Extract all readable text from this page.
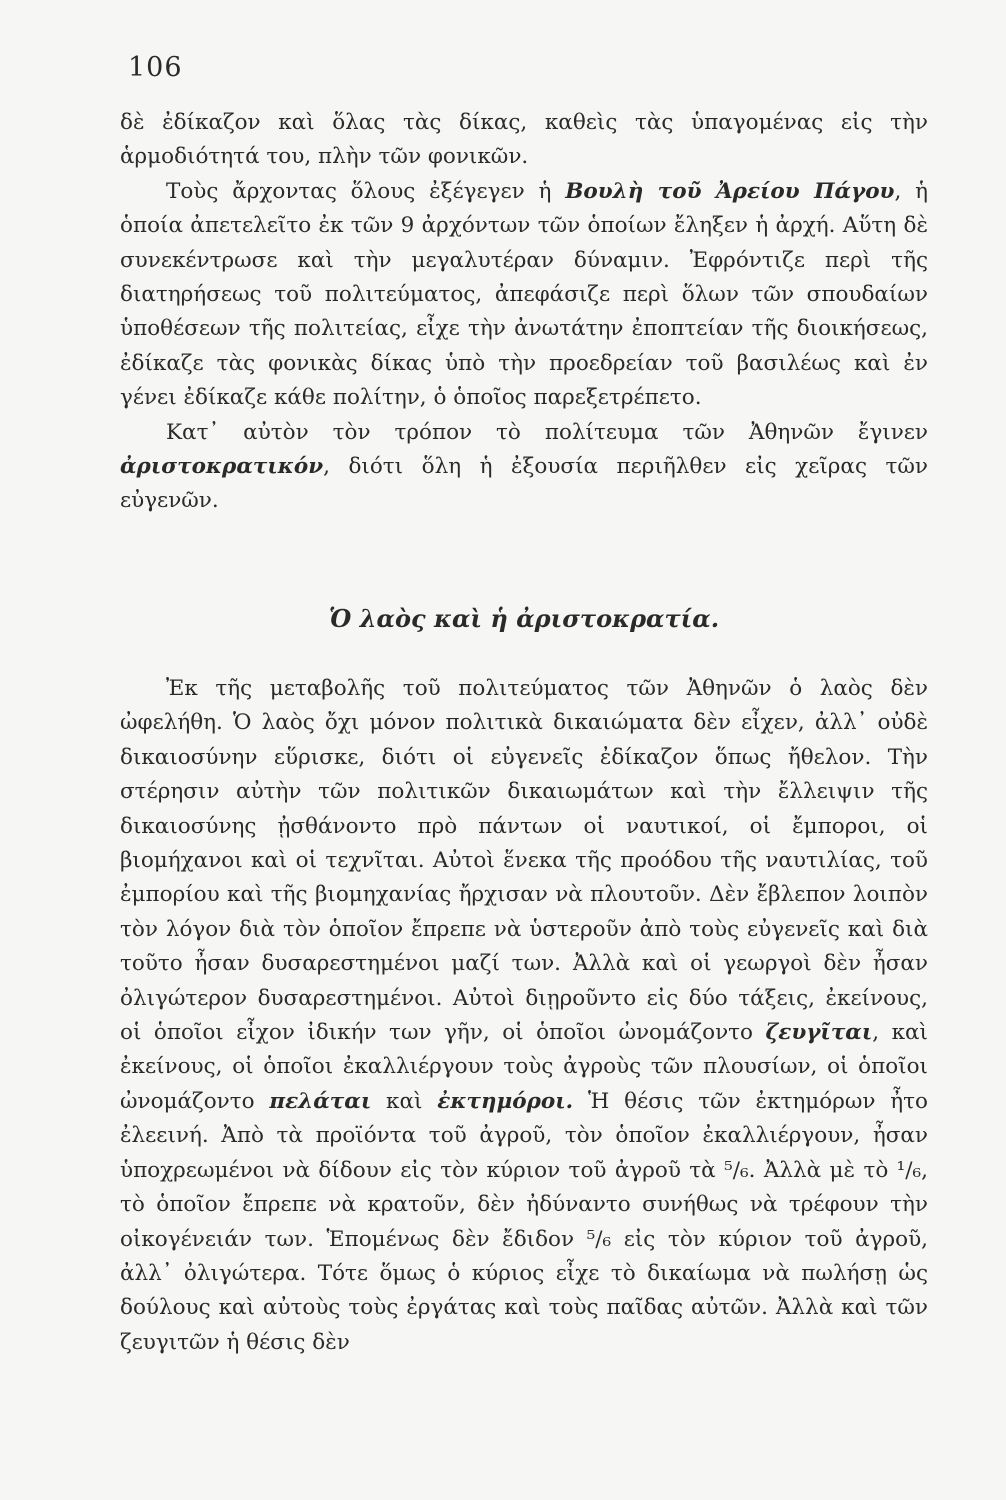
106

δὲ ἐδίκαζον καὶ ὅλας τὰς δίκας, καθεὶς τὰς ὑπαγομένας εἰς τὴν ἁρμοδιότητά του, πλὴν τῶν φονικῶν.

Τοὺς ἄρχοντας ὅλους ἐξέγεγεν ἡ Βουλὴ τοῦ Ἀρείου Πάγου, ἡ ὁποία ἀπετελεῖτο ἐκ τῶν 9 ἀρχόντων τῶν ὁποίων ἔληξεν ἡ ἀρχή. Αὕτη δὲ συνεκέντρωσε καὶ τὴν μεγαλυτέραν δύναμιν. Ἐφρόντιζε περὶ τῆς διατηρήσεως τοῦ πολιτεύματος, ἀπεφάσιζε περὶ ὅλων τῶν σπουδαίων ὑποθέσεων τῆς πολιτείας, εἶχε τὴν ἀνωτάτην ἐποπτείαν τῆς διοικήσεως, ἐδίκαζε τὰς φονικὰς δίκας ὑπὸ τὴν προεδρείαν τοῦ βασιλέως καὶ ἐν γένει ἐδίκαζε κάθε πολίτην, ὁ ὁποῖος παρεξετρέπετο.

Κατ᾽ αὐτὸν τὸν τρόπον τὸ πολίτευμα τῶν Ἀθηνῶν ἔγινεν ἀριστοκρατικόν, διότι ὅλη ἡ ἐξουσία περιῆλθεν εἰς χεῖρας τῶν εὐγενῶν.

Ὁ λαὸς καὶ ἡ ἀριστοκρατία.

Ἐκ τῆς μεταβολῆς τοῦ πολιτεύματος τῶν Ἀθηνῶν ὁ λαὸς δὲν ὠφελήθη. Ὁ λαὸς ὄχι μόνον πολιτικὰ δικαιώματα δὲν εἶχεν, ἀλλ᾽ οὐδὲ δικαιοσύνην εὕρισκε, διότι οἱ εὐγενεῖς ἐδίκαζον ὅπως ἤθελον. Τὴν στέρησιν αὐτὴν τῶν πολιτικῶν δικαιωμάτων καὶ τὴν ἔλλειψιν τῆς δικαιοσύνης ᾐσθάνοντο πρὸ πάντων οἱ ναυτικοί, οἱ ἔμποροι, οἱ βιομήχανοι καὶ οἱ τεχνῖται. Αὐτοὶ ἕνεκα τῆς προόδου τῆς ναυτιλίας, τοῦ ἐμπορίου καὶ τῆς βιομηχανίας ἤρχισαν νὰ πλουτοῦν. Δὲν ἔβλεπον λοιπὸν τὸν λόγον διὰ τὸν ὁποῖον ἔπρεπε νὰ ὑστεροῦν ἀπὸ τοὺς εὐγενεῖς καὶ διὰ τοῦτο ἦσαν δυσαρεστημένοι μαζί των. Ἀλλὰ καὶ οἱ γεωργοὶ δὲν ἦσαν ὀλιγώτερον δυσαρεστημένοι. Αὐτοὶ διῃροῦντο εἰς δύο τάξεις, ἐκείνους, οἱ ὁποῖοι εἶχον ἰδικήν των γῆν, οἱ ὁποῖοι ὠνομάζοντο ζευγῖται, καὶ ἐκείνους, οἱ ὁποῖοι ἐκαλλιέργουν τοὺς ἀγροὺς τῶν πλουσίων, οἱ ὁποῖοι ὠνομάζοντο πελάται καὶ ἐκτημόροι. Ἡ θέσις τῶν ἐκτημόρων ἦτο ἐλεεινή. Ἀπὸ τὰ προϊόντα τοῦ ἀγροῦ, τὸν ὁποῖον ἐκαλλιέργουν, ἦσαν ὑποχρεωμένοι νὰ δίδουν εἰς τὸν κύριον τοῦ ἀγροῦ τὰ ⁵/₆. Ἀλλὰ μὲ τὸ ¹/₆, τὸ ὁποῖον ἔπρεπε νὰ κρατοῦν, δὲν ἠδύναντο συνήθως νὰ τρέφουν τὴν οἰκογένειάν των. Ἑπομένως δὲν ἔδιδον ⁵/₆ εἰς τὸν κύριον τοῦ ἀγροῦ, ἀλλ᾽ ὀλιγώτερα. Τότε ὅμως ὁ κύριος εἶχε τὸ δικαίωμα νὰ πωλήσῃ ὡς δούλους καὶ αὐτοὺς τοὺς ἐργάτας καὶ τοὺς παῖδας αὐτῶν. Ἀλλὰ καὶ τῶν ζευγιτῶν ἡ θέσις δὲν
